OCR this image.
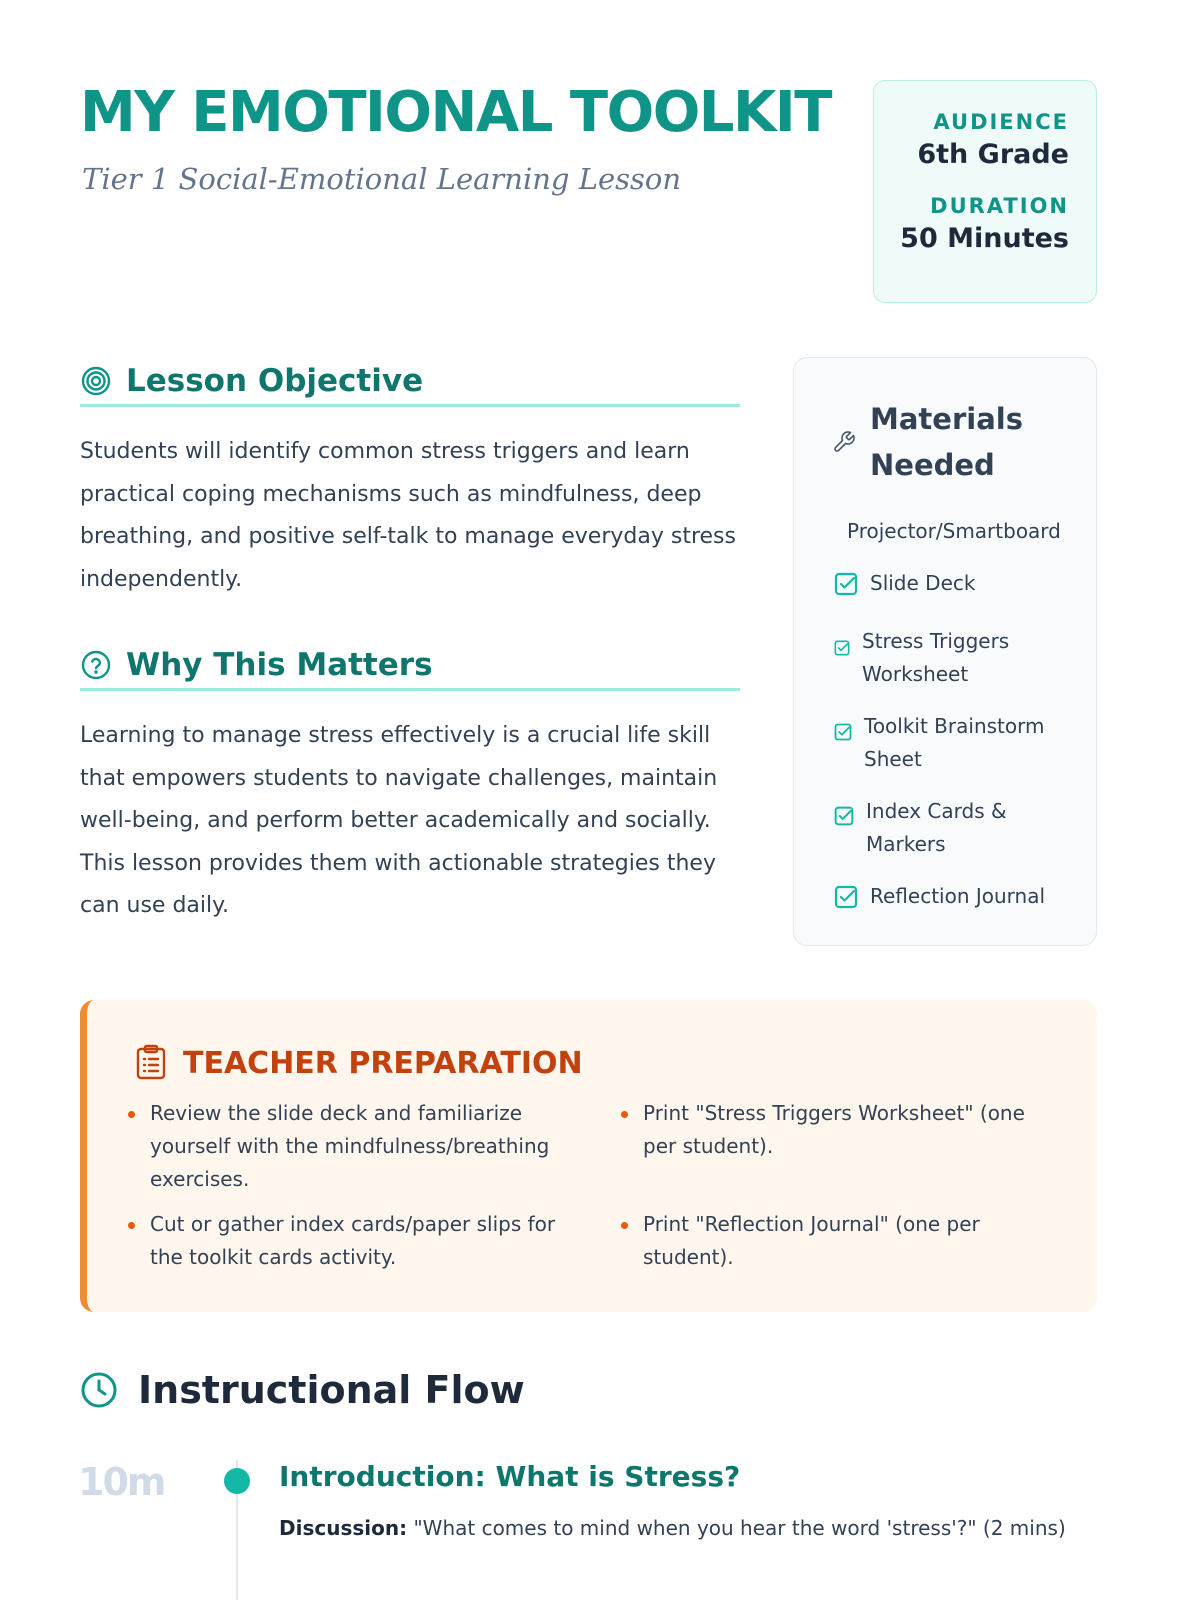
MY EMOTIONAL TOOLKIT
Tier 1 Social-Emotional Learning Lesson
AUDIENCE
6th Grade
DURATION
50 Minutes
Lesson Objective

Students will identify common stress triggers and learn practical coping mechanisms such as mindfulness, deep breathing, and positive self-talk to manage everyday stress independently.

Why This Matters

Learning to manage stress effectively is a crucial life skill that empowers students to navigate challenges, maintain well-being, and perform better academically and socially. This lesson provides them with actionable strategies they can use daily.

Materials Needed
Projector/Smartboard
Slide Deck
Stress Triggers Worksheet
Toolkit Brainstorm Sheet
Index Cards & Markers
Reflection Journal
TEACHER PREPARATION
Review the slide deck and familiarize yourself with the mindfulness/breathing exercises.
Print "Stress Triggers Worksheet" (one per student).
Cut or gather index cards/paper slips for the toolkit cards activity.
Print "Reflection Journal" (one per student).
Instructional Flow
10m	Introduction: What is Stress?
Discussion: "What comes to mind when you hear the word 'stress'?" (2 mins)
